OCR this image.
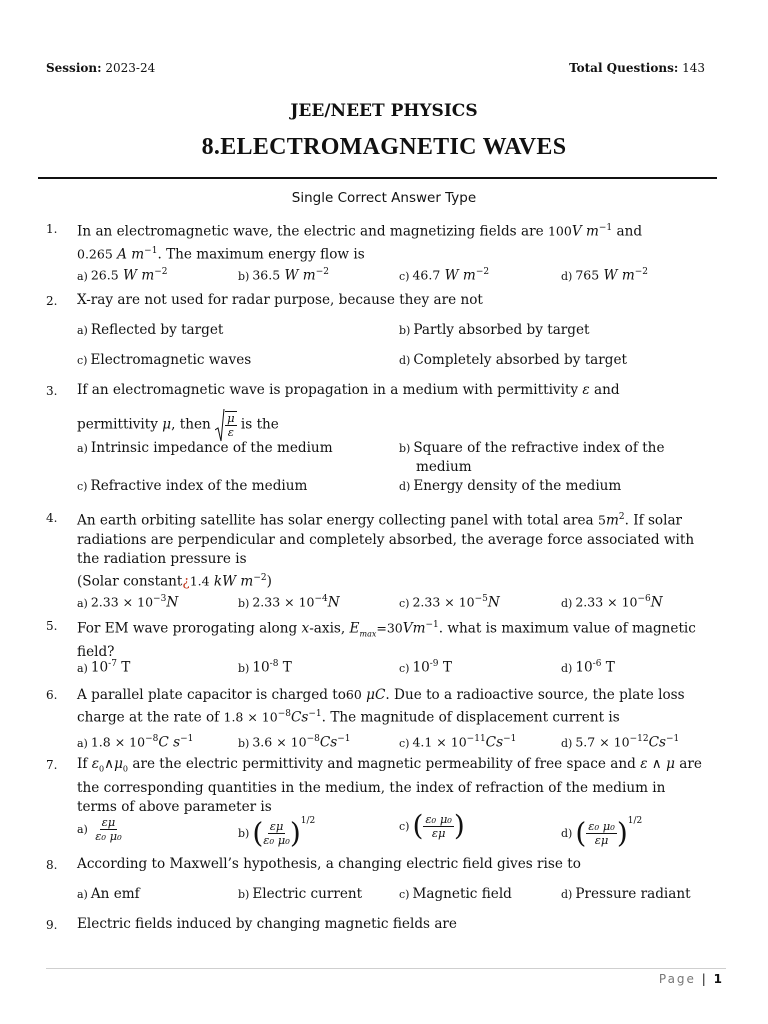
Session: 2023-24	Total Questions: 143
JEE/NEET PHYSICS
8.ELECTROMAGNETIC WAVES
Single Correct Answer Type
1. In an electromagnetic wave, the electric and magnetizing fields are 100V $m^{-1}$ and
0.265 A $m^{-1}$. The maximum energy flow is
a) 26.5 W $m^{-2}$	b) 36.5 W $m^{-2}$	c) 46.7 W $m^{-2}$	d) 765 W $m^{-2}$
2. X-ray are not used for radar purpose, because they are not
a) Reflected by target	b) Partly absorbed by target
c) Electromagnetic waves	d) Completely absorbed by target
3. If an electromagnetic wave is propagation in a medium with permittivity ε and
permittivity μ, then $\frac{\mu}{\varepsilon}$ is the
a) Intrinsic impedance of the medium	b) Square of the refractive index of the
medium
c) Refractive index of the medium	d) Energy density of the medium
4. An earth orbiting satellite has solar energy collecting panel with total area $5m^2$. If solar
radiations are perpendicular and completely absorbed, the average force associated with
the radiation pressure is
(Solar constant¿1.4 kW $m^{-2}$)
a) $2.33 \times 10^{-3}N$	b) $2.33 \times 10^{-4}N$	c) $2.33 \times 10^{-5}N$	d) $2.33 \times 10^{-6}N$
5. For EM wave prorogating along x-axis, $E_{max}=30Vm^{-1}$. what is maximum value of magnetic
field?
a) $10^{-7}$ T	b) $10^{-8}$ T	c) $10^{-9}$ T	d) $10^{-6}$ T
6. A parallel plate capacitor is charged to60 μC. Due to a radioactive source, the plate loss
charge at the rate of $1.8 \times 10^{-8}Cs^{-1}$. The magnitude of displacement current is
a) $1.8 \times 10^{-8}C$ $s^{-1}$	b) $3.6 \times 10^{-8}Cs^{-1}$	c) $4.1 \times 10^{-11}Cs^{-1}$	d) $5.7 \times 10^{-12}Cs^{-1}$
7. If $\varepsilon_0\wedge\mu_0$ are the electric permittivity and magnetic permeability of free space and ε ∧ μ are
the corresponding quantities in the medium, the index of refraction of the medium in
terms of above parameter is
$a) \frac{\varepsilon\mu}{\text{ε₀ μ₀}}$	b) ( $\frac{\varepsilon\mu}{\text{ε₀ μ₀}} )^{1/2}$	c) ( $\frac{\text{ε₀ μ₀}}{\varepsilon\mu}$ )	d) ( $\frac{\text{ε₀ μ₀}}{\varepsilon\mu} )^{1/2}$
8. According to Maxwell’s hypothesis, a changing electric field gives rise to
a) An emf	b) Electric current	c) Magnetic field	d) Pressure radiant
9. Electric fields induced by changing magnetic fields are
Page | 1
